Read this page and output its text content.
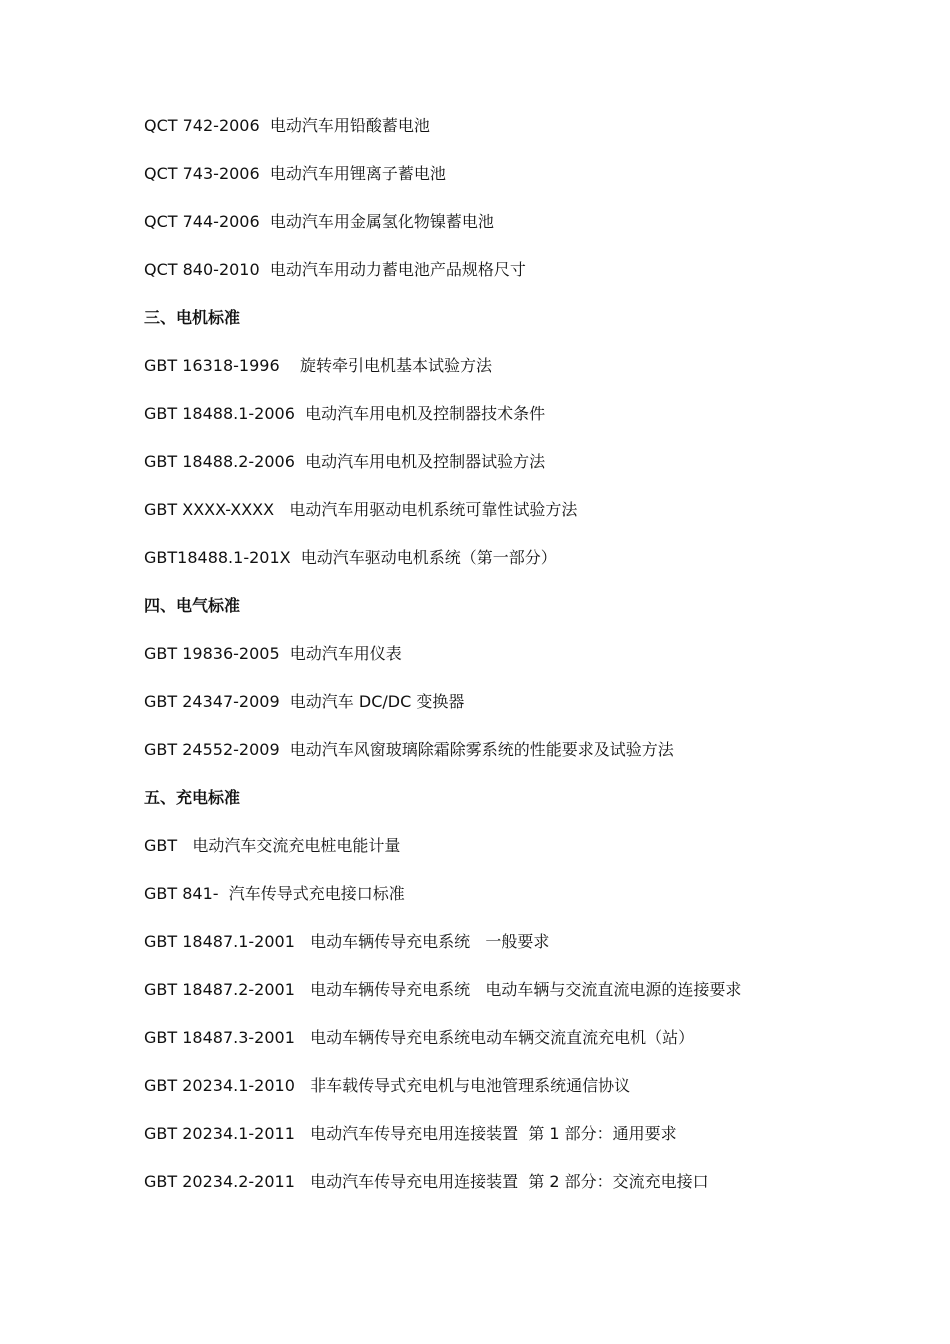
QCT 742-2006  电动汽车用铅酸蓄电池
QCT 743-2006  电动汽车用锂离子蓄电池
QCT 744-2006  电动汽车用金属氢化物镍蓄电池
QCT 840-2010  电动汽车用动力蓄电池产品规格尺寸
三、电机标准
GBT 16318-1996    旋转牵引电机基本试验方法
GBT 18488.1-2006  电动汽车用电机及控制器技术条件
GBT 18488.2-2006  电动汽车用电机及控制器试验方法
GBT XXXX-XXXX   电动汽车用驱动电机系统可靠性试验方法
GBT18488.1-201X  电动汽车驱动电机系统（第一部分）
四、电气标准
GBT 19836-2005  电动汽车用仪表
GBT 24347-2009  电动汽车 DC/DC 变换器
GBT 24552-2009  电动汽车风窗玻璃除霜除雾系统的性能要求及试验方法
五、充电标准
GBT   电动汽车交流充电桩电能计量
GBT 841-  汽车传导式充电接口标准
GBT 18487.1-2001   电动车辆传导充电系统   一般要求
GBT 18487.2-2001   电动车辆传导充电系统   电动车辆与交流直流电源的连接要求
GBT 18487.3-2001   电动车辆传导充电系统电动车辆交流直流充电机（站）
GBT 20234.1-2010   非车载传导式充电机与电池管理系统通信协议
GBT 20234.1-2011   电动汽车传导充电用连接装置  第 1 部分：通用要求
GBT 20234.2-2011   电动汽车传导充电用连接装置  第 2 部分：交流充电接口
